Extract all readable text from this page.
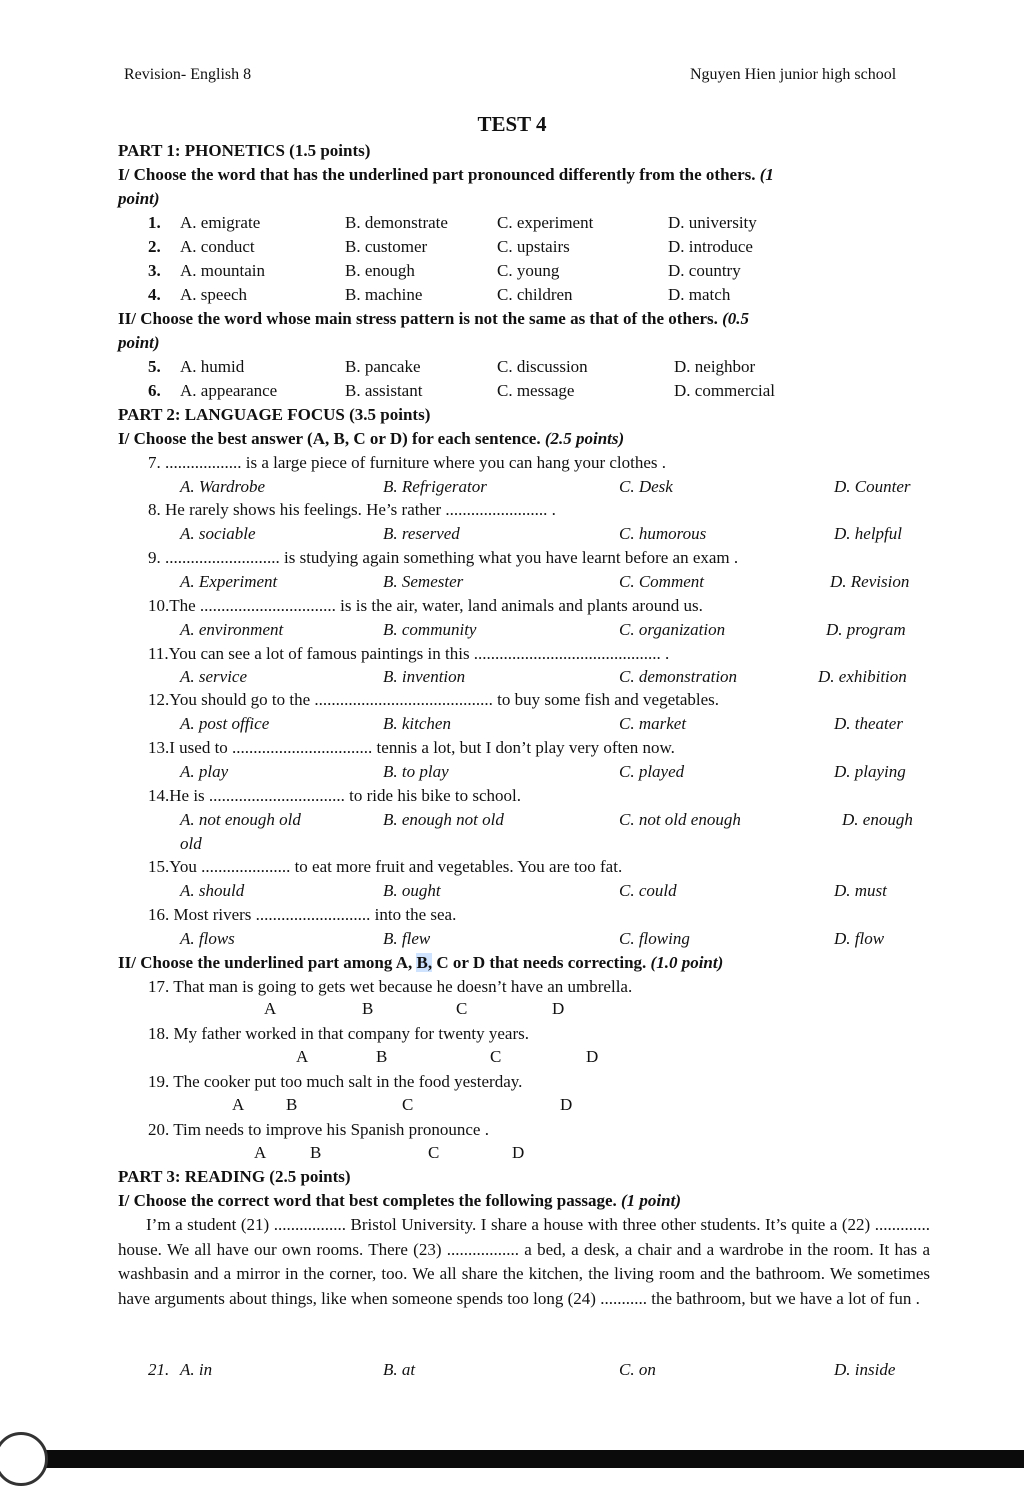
Revision- English 8	Nguyen Hien junior high school
TEST 4
PART 1: PHONETICS (1.5 points)
I/ Choose the word that has the underlined part pronounced differently from the others. (1
point)
1. A. emigrate	B. demonstrate	C. experiment	D. university
2. A. conduct	B. customer	C. upstairs	D. introduce
3. A. mountain	B. enough	C. young	D. country
4. A. speech	B. machine	C. children	D. match
II/ Choose the word whose main stress pattern is not the same as that of the others. (0.5
point)
5. A. humid	B. pancake	C. discussion	D. neighbor
6. A. appearance	B. assistant	C. message	D. commercial
PART 2: LANGUAGE FOCUS (3.5 points)
I/ Choose the best answer (A, B, C or D) for each sentence. (2.5 points)
7. .................. is a large piece of furniture where you can hang your clothes .
A. Wardrobe	B. Refrigerator	C. Desk	D. Counter
8. He rarely shows his feelings. He’s rather ........................ .
A. sociable	B. reserved	C. humorous	D. helpful
9. ........................... is studying again something what you have learnt before an exam .
A. Experiment	B. Semester	C. Comment	D. Revision
10.The ................................ is is the air, water, land animals and plants around us.
A. environment	B. community	C. organization	D. program
11.You can see a lot of famous paintings in this ............................................ .
A. service	B. invention	C. demonstration	D. exhibition
12.You should go to the .......................................... to buy some fish and vegetables.
A. post office	B. kitchen	C. market	D. theater
13.I used to ................................. tennis a lot, but I don’t play very often now.
A. play	B. to play	C. played	D. playing
14.He is ................................ to ride his bike to school.
A. not enough old	B. enough not old	C. not old enough	D. enough
old
15.You ..................... to eat more fruit and vegetables. You are too fat.
A. should	B. ought	C. could	D. must
16. Most rivers ........................... into the sea.
A. flows	B. flew	C. flowing	D. flow
II/ Choose the underlined part among A, B, C or D that needs correcting. (1.0 point)
17. That man is going to gets wet because he doesn’t have an umbrella.
A	B	C	D
18. My father worked in that company for twenty years.
A	B	C	D
19. The cooker put too much salt in the food yesterday.
A B	C	D
20. Tim needs to improve his Spanish pronounce .
A	B	C	D
PART 3: READING (2.5 points)
I/ Choose the correct word that best completes the following passage. (1 point)
I’m a student (21) ................. Bristol University. I share a house with three other students. It’s quite a (22) ............. house. We all have our own rooms. There (23) ................. a bed, a desk, a chair and a wardrobe in the room. It has a washbasin and a mirror in the corner, too. We all share the kitchen, the living room and the bathroom. We sometimes have arguments about things, like when someone spends too long (24) ........... the bathroom, but we have a lot of fun .
21. A. in	B. at	C. on	D. inside
